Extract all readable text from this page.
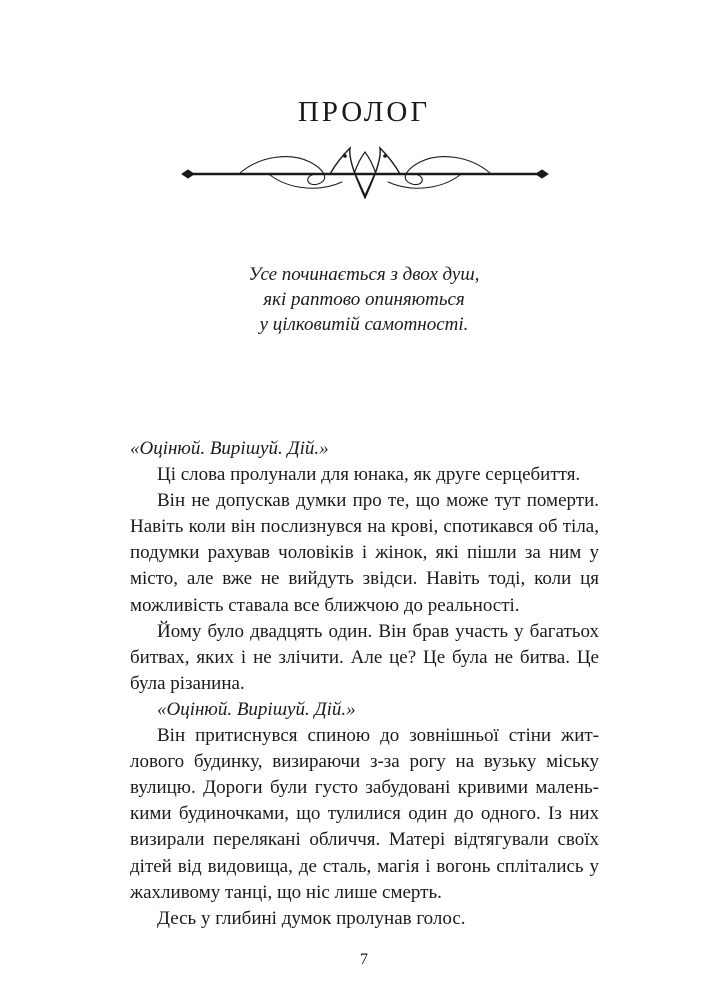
ПРОЛОГ
Усе починається з двох душ,
які раптово опиняються
у цілковитій самотності.

«Оцінюй. Вирішуй. Дій.»

Ці слова пролунали для юнака, як друге серцебиття.

Він не допускав думки про те, що може тут померти. Навіть коли він послизнувся на крові, спотикався об тіла, подумки рахував чоловіків і жінок, які пішли за ним у місто, але вже не вийдуть звідси. Навіть тоді, коли ця можливість ставала все ближчою до реальності.

Йому було двадцять один. Він брав участь у багатьох битвах, яких і не злічити. Але це? Це була не битва. Це була різанина.

«Оцінюй. Вирішуй. Дій.»

Він притиснувся спиною до зовнішньої стіни житлового будинку, визираючи з-за рогу на вузьку міську вулицю. Дороги були густо забудовані кривими маленькими будиночками, що тулилися один до одного. Із них визирали переляканi обличчя. Матері відтягували своїх дітей від видовища, де сталь, магія і вогонь сплітались у жахливому танці, що ніс лише смерть.

Десь у глибині думок пролунав голос.

7
